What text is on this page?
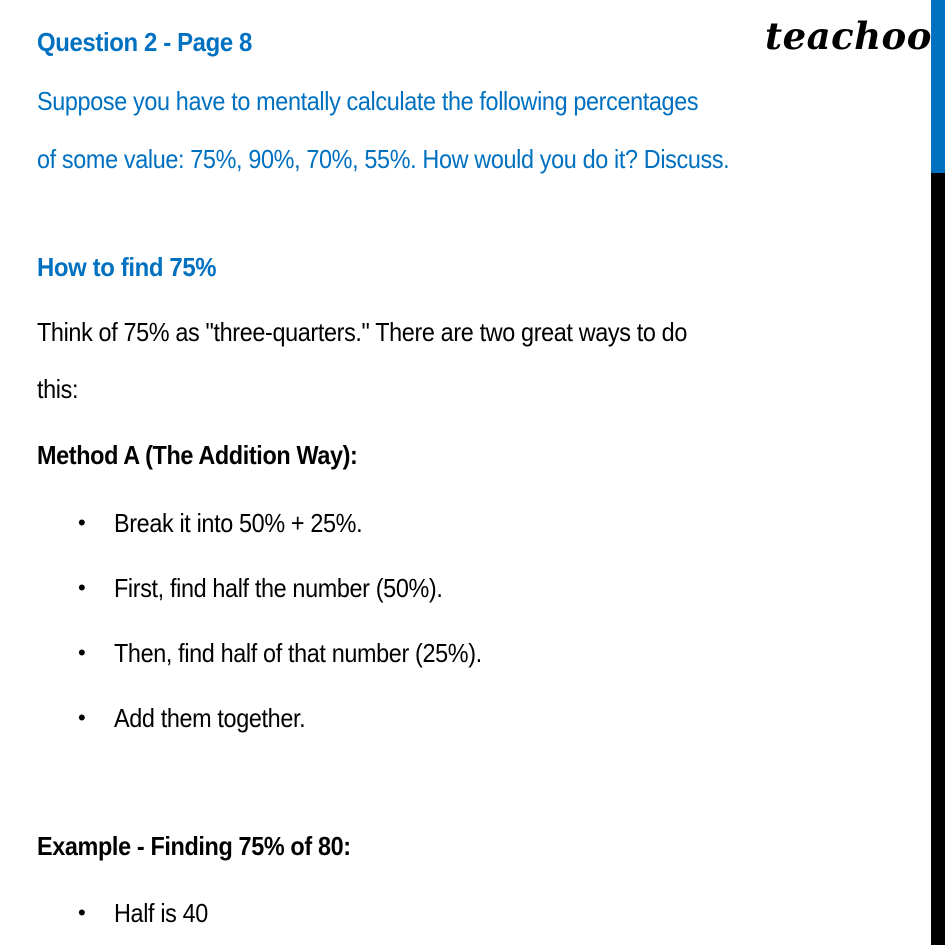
teachoo
Question 2 - Page 8
Suppose you have to mentally calculate the following percentages
of some value: 75%, 90%, 70%, 55%. How would you do it? Discuss.
How to find 75%
Think of 75% as "three-quarters." There are two great ways to do
this:
Method A (The Addition Way):
• Break it into 50% + 25%.
• First, find half the number (50%).
• Then, find half of that number (25%).
• Add them together.
Example - Finding 75% of 80:
• Half is 40
